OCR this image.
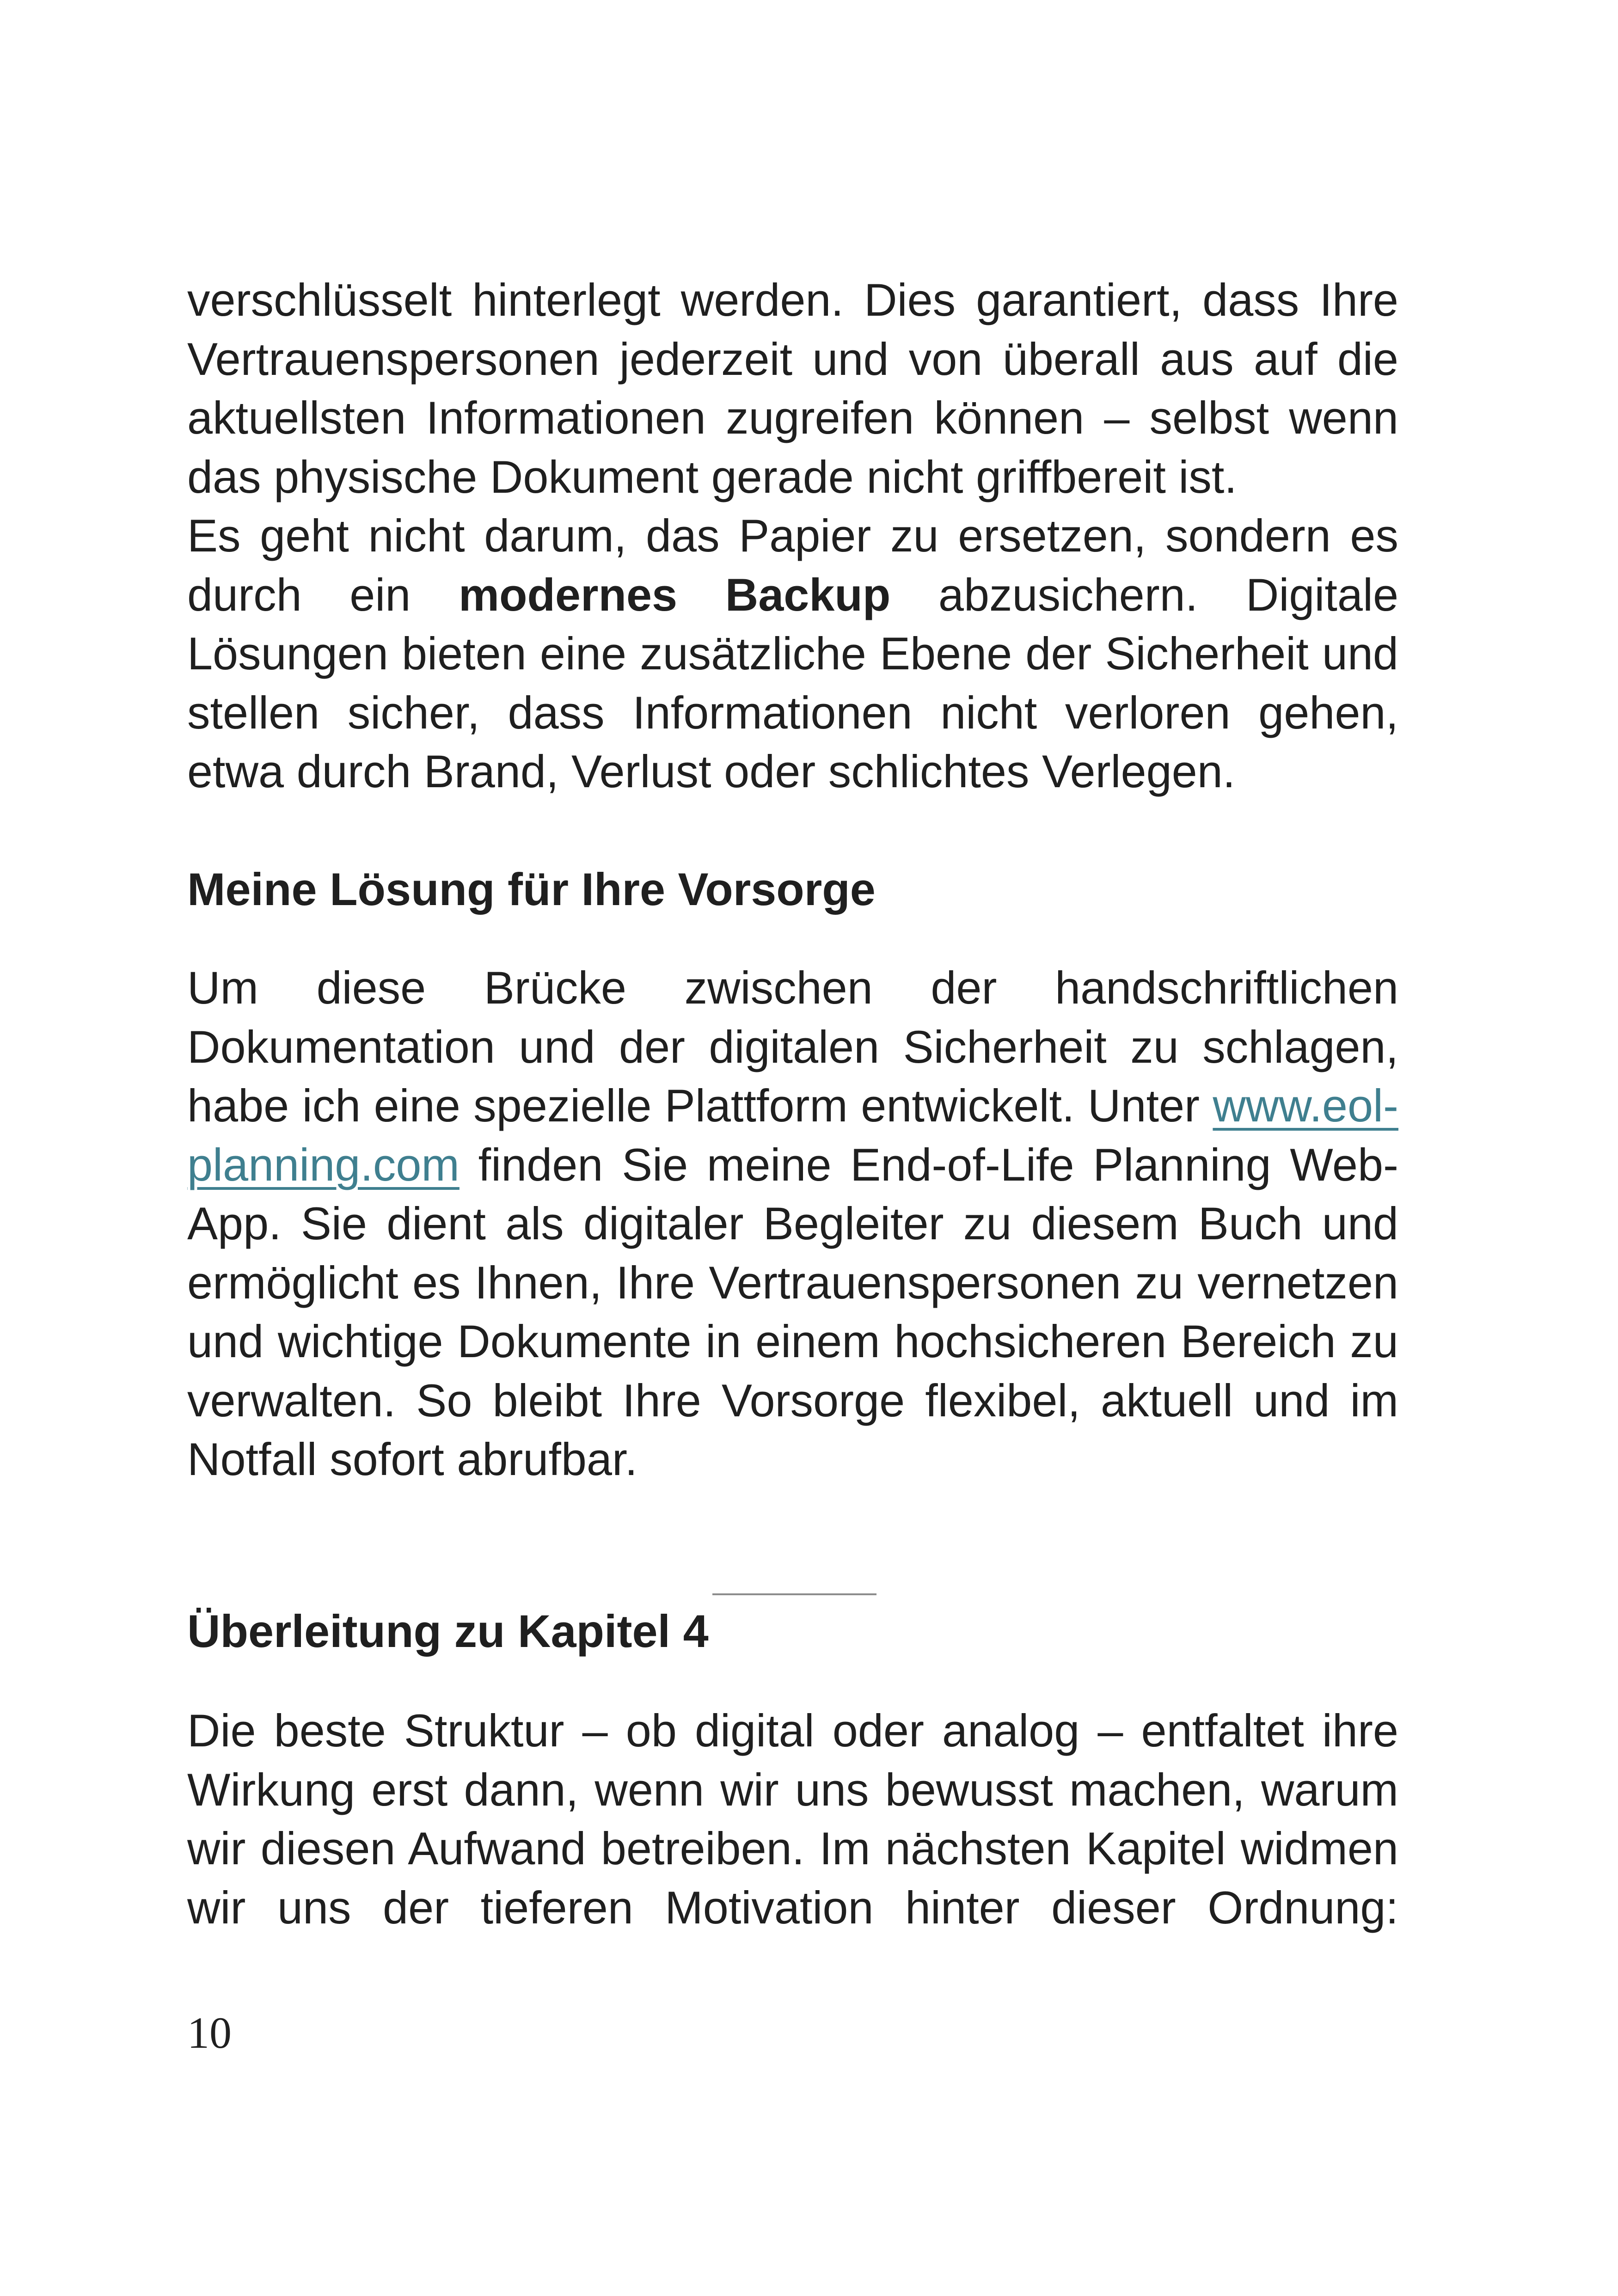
verschlüsselt hinterlegt werden. Dies garantiert, dass Ihre Vertrauenspersonen jederzeit und von überall aus auf die aktuellsten Informationen zugreifen können – selbst wenn das physische Dokument gerade nicht griffbereit ist.

Es geht nicht darum, das Papier zu ersetzen, sondern es durch ein modernes Backup abzusichern. Digitale Lösungen bieten eine zusätzliche Ebene der Sicherheit und stellen sicher, dass Informationen nicht verloren gehen, etwa durch Brand, Verlust oder schlichtes Verlegen.

Meine Lösung für Ihre Vorsorge

Um diese Brücke zwischen der handschriftlichen Dokumentation und der digitalen Sicherheit zu schlagen, habe ich eine spezielle Plattform entwickelt. Unter www.eol-planning.com finden Sie meine End-of-Life Planning Web-App. Sie dient als digitaler Begleiter zu diesem Buch und ermöglicht es Ihnen, Ihre Vertrauenspersonen zu vernetzen und wichtige Dokumente in einem hochsicheren Bereich zu verwalten. So bleibt Ihre Vorsorge flexibel, aktuell und im Notfall sofort abrufbar.

Überleitung zu Kapitel 4

Die beste Struktur – ob digital oder analog – entfaltet ihre Wirkung erst dann, wenn wir uns bewusst machen, warum wir diesen Aufwand betreiben. Im nächsten Kapitel widmen wir uns der tieferen Motivation hinter dieser Ordnung:

10
